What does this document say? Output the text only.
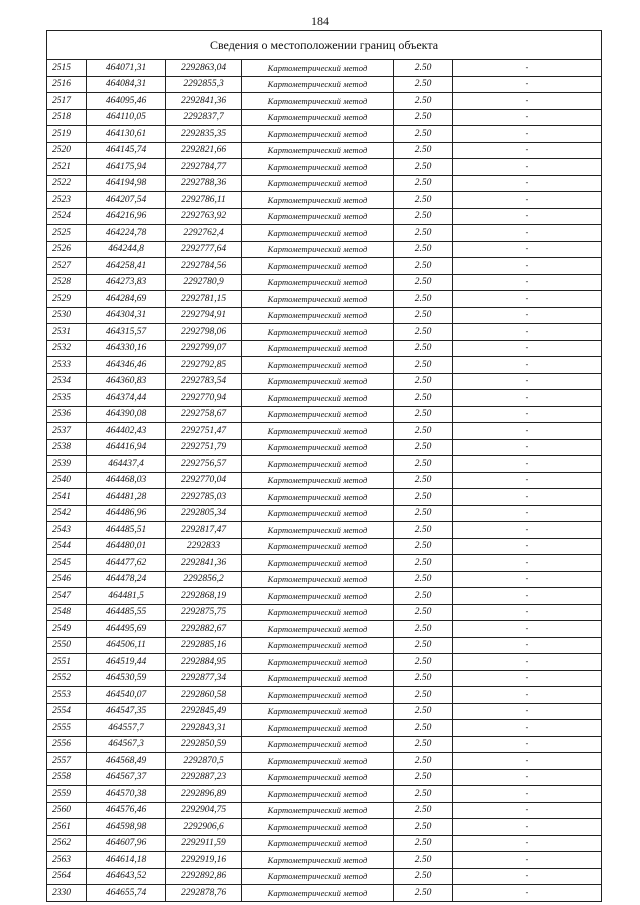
184
Сведения о местоположении границ объекта					
2515	464071,31	2292863,04	Картометрический метод	2.50	-
2516	464084,31	2292855,3	Картометрический метод	2.50	-
2517	464095,46	2292841,36	Картометрический метод	2.50	-
2518	464110,05	2292837,7	Картометрический метод	2.50	-
2519	464130,61	2292835,35	Картометрический метод	2.50	-
2520	464145,74	2292821,66	Картометрический метод	2.50	-
2521	464175,94	2292784,77	Картометрический метод	2.50	-
2522	464194,98	2292788,36	Картометрический метод	2.50	-
2523	464207,54	2292786,11	Картометрический метод	2.50	-
2524	464216,96	2292763,92	Картометрический метод	2.50	-
2525	464224,78	2292762,4	Картометрический метод	2.50	-
2526	464244,8	2292777,64	Картометрический метод	2.50	-
2527	464258,41	2292784,56	Картометрический метод	2.50	-
2528	464273,83	2292780,9	Картометрический метод	2.50	-
2529	464284,69	2292781,15	Картометрический метод	2.50	-
2530	464304,31	2292794,91	Картометрический метод	2.50	-
2531	464315,57	2292798,06	Картометрический метод	2.50	-
2532	464330,16	2292799,07	Картометрический метод	2.50	-
2533	464346,46	2292792,85	Картометрический метод	2.50	-
2534	464360,83	2292783,54	Картометрический метод	2.50	-
2535	464374,44	2292770,94	Картометрический метод	2.50	-
2536	464390,08	2292758,67	Картометрический метод	2.50	-
2537	464402,43	2292751,47	Картометрический метод	2.50	-
2538	464416,94	2292751,79	Картометрический метод	2.50	-
2539	464437,4	2292756,57	Картометрический метод	2.50	-
2540	464468,03	2292770,04	Картометрический метод	2.50	-
2541	464481,28	2292785,03	Картометрический метод	2.50	-
2542	464486,96	2292805,34	Картометрический метод	2.50	-
2543	464485,51	2292817,47	Картометрический метод	2.50	-
2544	464480,01	2292833	Картометрический метод	2.50	-
2545	464477,62	2292841,36	Картометрический метод	2.50	-
2546	464478,24	2292856,2	Картометрический метод	2.50	-
2547	464481,5	2292868,19	Картометрический метод	2.50	-
2548	464485,55	2292875,75	Картометрический метод	2.50	-
2549	464495,69	2292882,67	Картометрический метод	2.50	-
2550	464506,11	2292885,16	Картометрический метод	2.50	-
2551	464519,44	2292884,95	Картометрический метод	2.50	-
2552	464530,59	2292877,34	Картометрический метод	2.50	-
2553	464540,07	2292860,58	Картометрический метод	2.50	-
2554	464547,35	2292845,49	Картометрический метод	2.50	-
2555	464557,7	2292843,31	Картометрический метод	2.50	-
2556	464567,3	2292850,59	Картометрический метод	2.50	-
2557	464568,49	2292870,5	Картометрический метод	2.50	-
2558	464567,37	2292887,23	Картометрический метод	2.50	-
2559	464570,38	2292896,89	Картометрический метод	2.50	-
2560	464576,46	2292904,75	Картометрический метод	2.50	-
2561	464598,98	2292906,6	Картометрический метод	2.50	-
2562	464607,96	2292911,59	Картометрический метод	2.50	-
2563	464614,18	2292919,16	Картометрический метод	2.50	-
2564	464643,52	2292892,86	Картометрический метод	2.50	-
2330	464655,74	2292878,76	Картометрический метод	2.50	-
